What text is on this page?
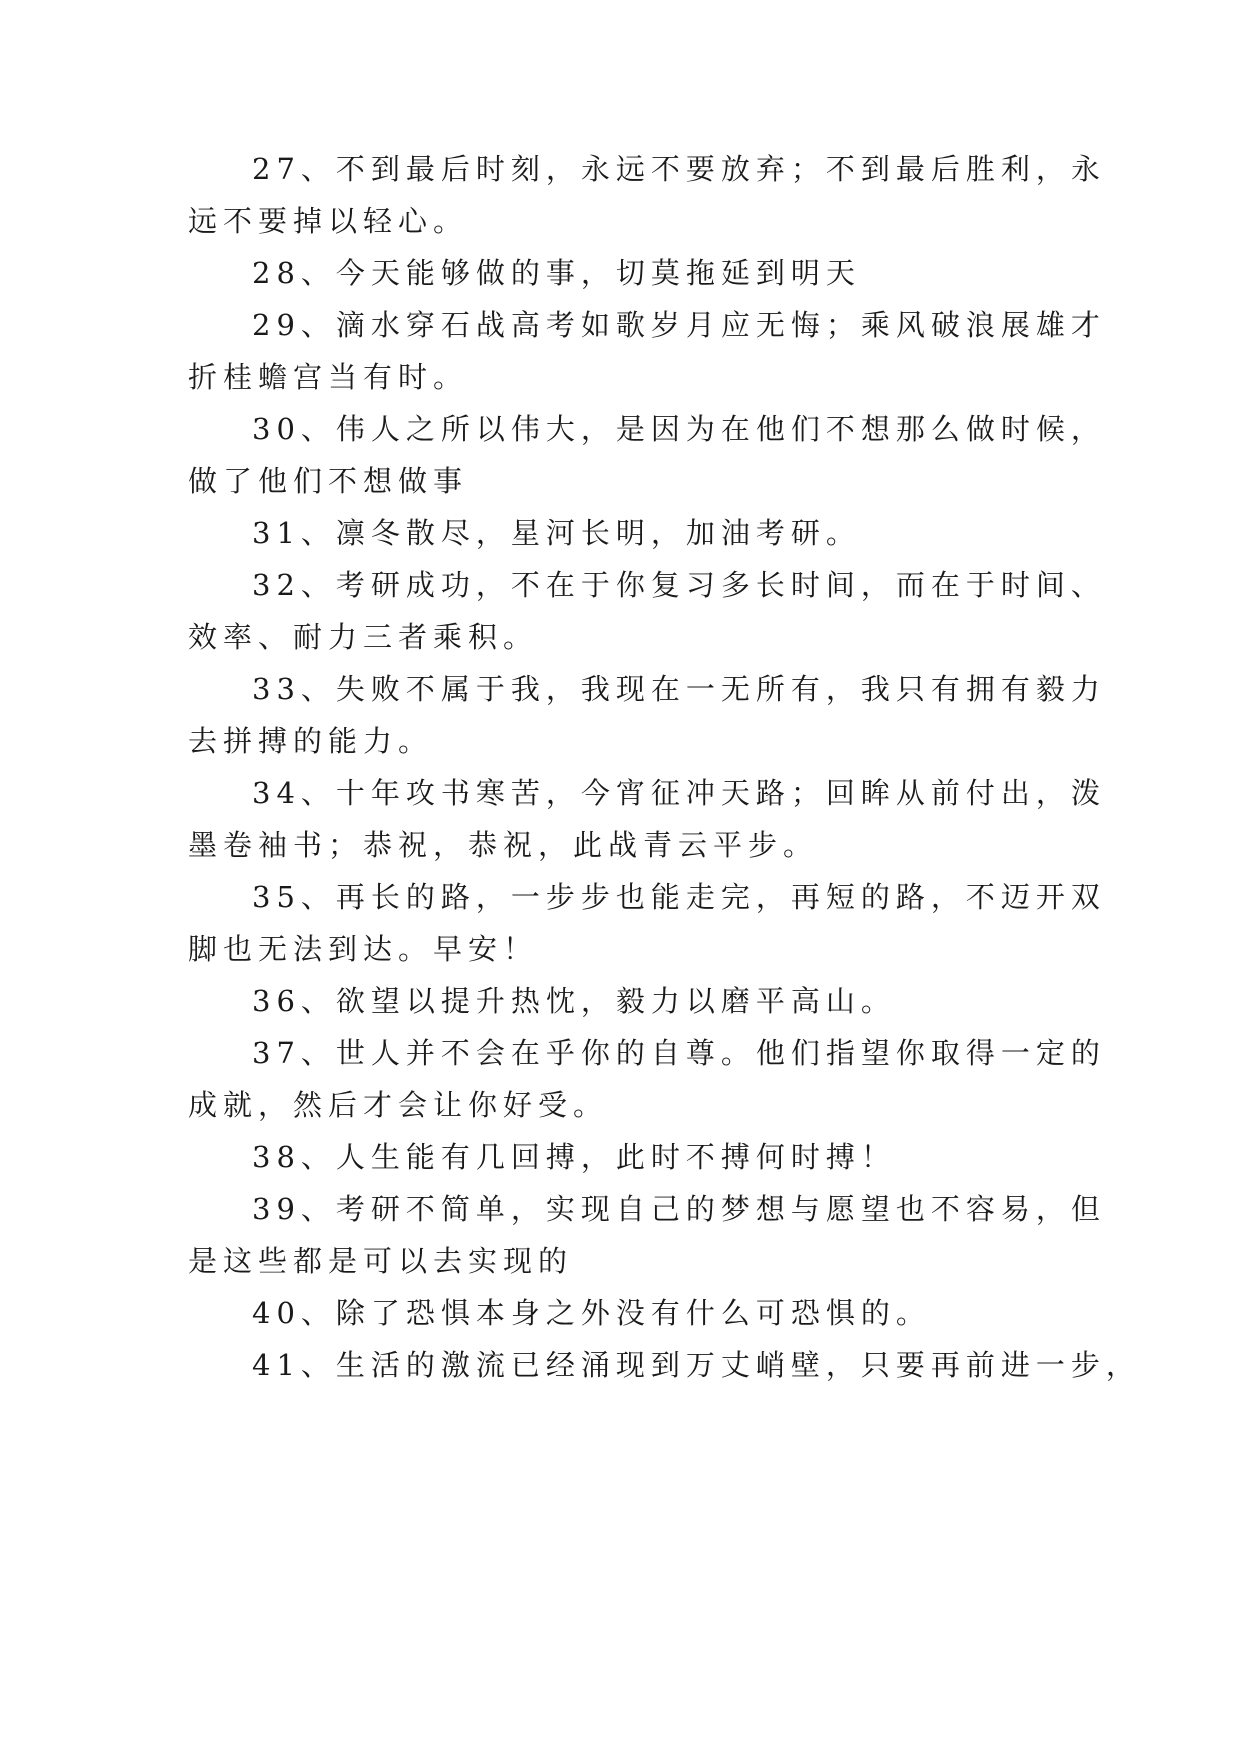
27、不到最后时刻，永远不要放弃；不到最后胜利，永
远不要掉以轻心。
28、今天能够做的事，切莫拖延到明天
29、滴水穿石战高考如歌岁月应无悔；乘风破浪展雄才
折桂蟾宫当有时。
30、伟人之所以伟大，是因为在他们不想那么做时候，
做了他们不想做事
31、凛冬散尽，星河长明，加油考研。
32、考研成功，不在于你复习多长时间，而在于时间、
效率、耐力三者乘积。
33、失败不属于我，我现在一无所有，我只有拥有毅力
去拼搏的能力。
34、十年攻书寒苦，今宵征冲天路；回眸从前付出，泼
墨卷袖书；恭祝，恭祝，此战青云平步。
35、再长的路，一步步也能走完，再短的路，不迈开双
脚也无法到达。早安！
36、欲望以提升热忱，毅力以磨平高山。
37、世人并不会在乎你的自尊。他们指望你取得一定的
成就，然后才会让你好受。
38、人生能有几回搏，此时不搏何时搏！
39、考研不简单，实现自己的梦想与愿望也不容易，但
是这些都是可以去实现的
40、除了恐惧本身之外没有什么可恐惧的。
41、生活的激流已经涌现到万丈峭壁，只要再前进一步，
